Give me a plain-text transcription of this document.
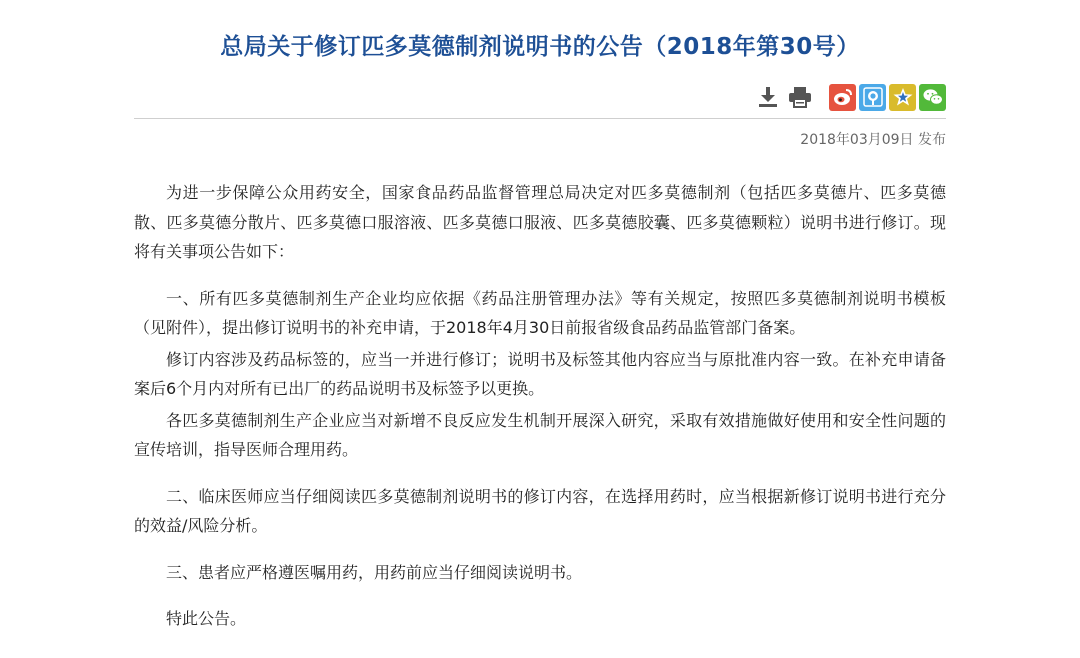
总局关于修订匹多莫德制剂说明书的公告（2018年第30号）
2018年03月09日 发布

为进一步保障公众用药安全，国家食品药品监督管理总局决定对匹多莫德制剂（包括匹多莫德片、匹多莫德散、匹多莫德分散片、匹多莫德口服溶液、匹多莫德口服液、匹多莫德胶囊、匹多莫德颗粒）说明书进行修订。现将有关事项公告如下：

一、所有匹多莫德制剂生产企业均应依据《药品注册管理办法》等有关规定，按照匹多莫德制剂说明书模板（见附件），提出修订说明书的补充申请，于2018年4月30日前报省级食品药品监管部门备案。

修订内容涉及药品标签的，应当一并进行修订；说明书及标签其他内容应当与原批准内容一致。在补充申请备案后6个月内对所有已出厂的药品说明书及标签予以更换。

各匹多莫德制剂生产企业应当对新增不良反应发生机制开展深入研究，采取有效措施做好使用和安全性问题的宣传培训，指导医师合理用药。

二、临床医师应当仔细阅读匹多莫德制剂说明书的修订内容，在选择用药时，应当根据新修订说明书进行充分的效益/风险分析。

三、患者应严格遵医嘱用药，用药前应当仔细阅读说明书。

特此公告。
